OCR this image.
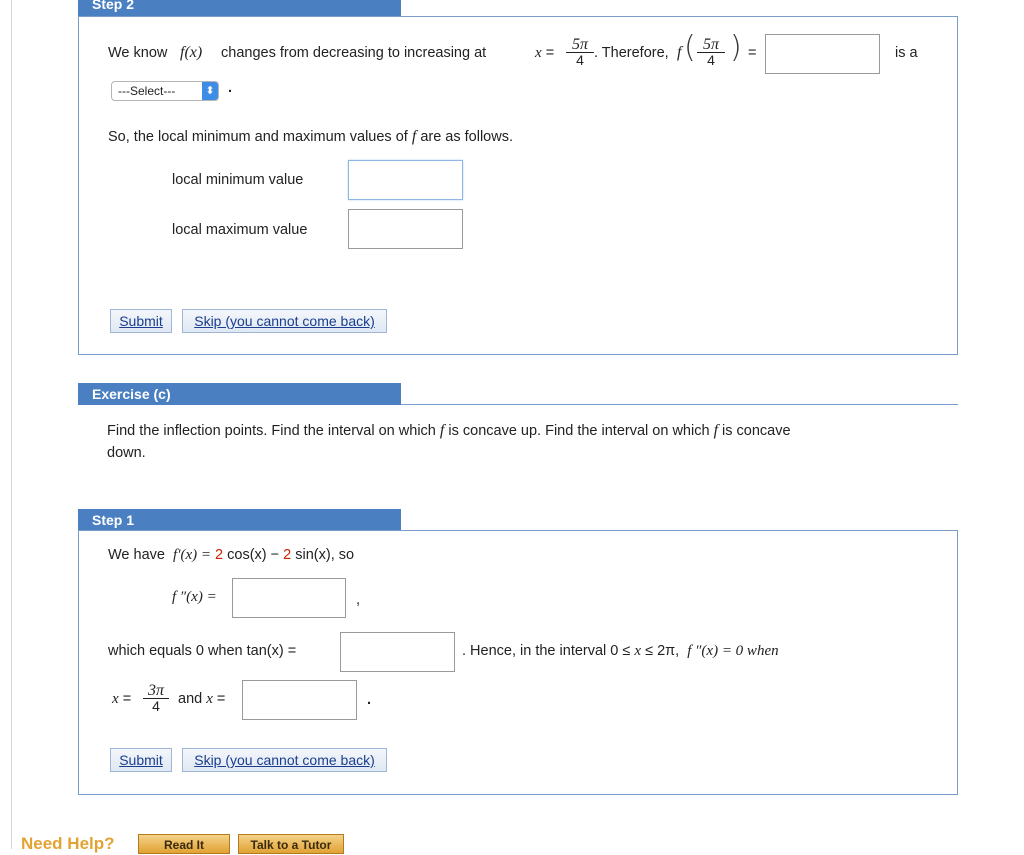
Step 2
We know f(x) changes from decreasing to increasing at	$x = \frac{5\pi}{4}$ . Therefore, f ( $\frac{5\pi}{4}$ ) =	is a
---Select---	⬍ .
So, the local minimum and maximum values of f are as follows.
local minimum value
local maximum value
Submit	Skip (you cannot come back)
Exercise (c)
Find the inflection points. Find the interval on which f is concave up. Find the interval on which f is concave
down.
Step 1
We have f′(x) = 2 cos(x) − 2 sin(x), so
f ″(x) =	,
which equals 0 when tan(x) =	. Hence, in the interval 0 ≤ x ≤ 2π, f ″(x) = 0 when
$x = \frac{3\pi}{4}$ and x =	.
Submit	Skip (you cannot come back)
Need Help?	Read It	Talk to a Tutor
